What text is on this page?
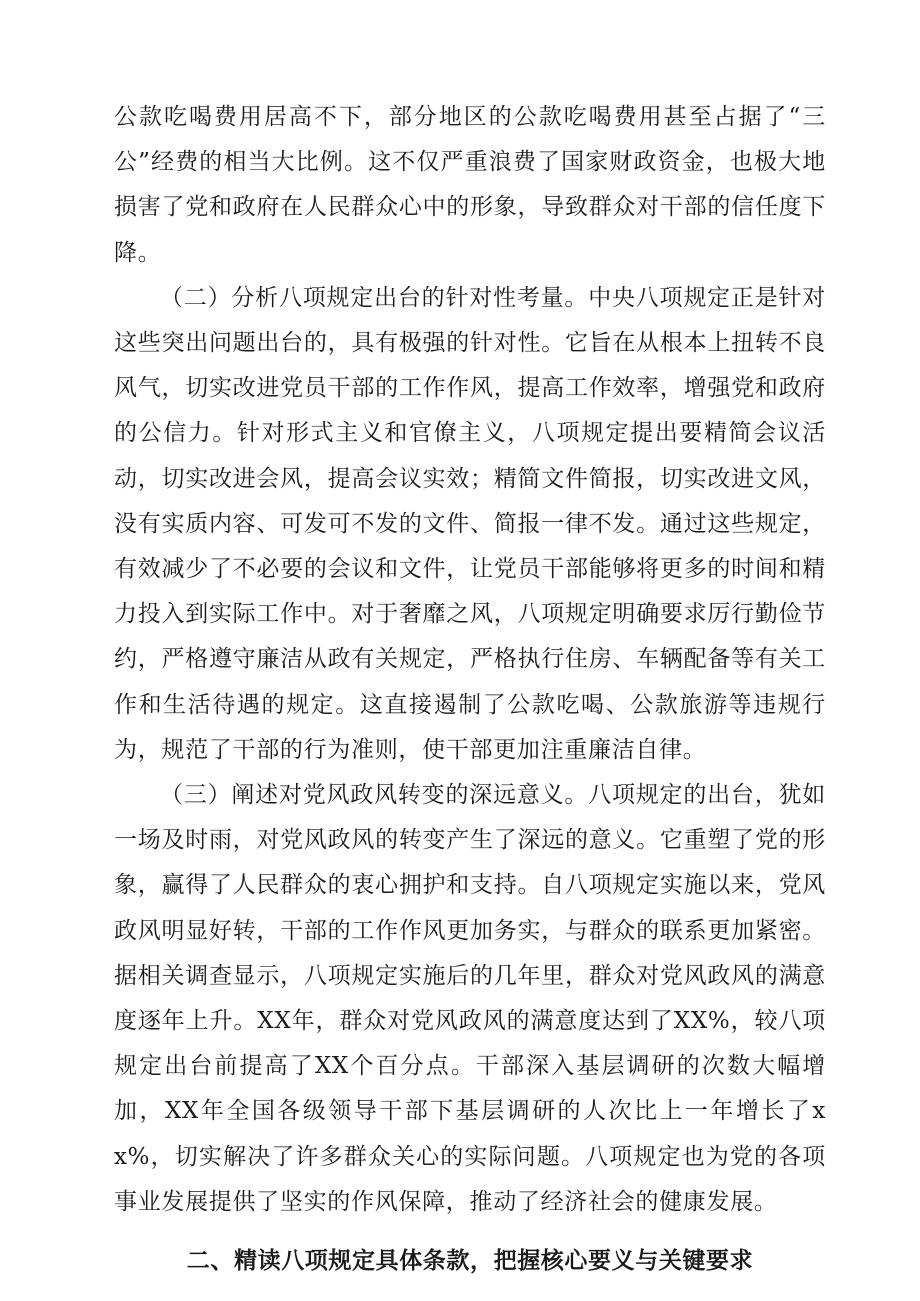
公款吃喝费用居高不下，部分地区的公款吃喝费用甚至占据了“三公”经费的相当大比例。这不仅严重浪费了国家财政资金，也极大地损害了党和政府在人民群众心中的形象，导致群众对干部的信任度下降。

（二）分析八项规定出台的针对性考量。中央八项规定正是针对这些突出问题出台的，具有极强的针对性。它旨在从根本上扭转不良风气，切实改进党员干部的工作作风，提高工作效率，增强党和政府的公信力。针对形式主义和官僚主义，八项规定提出要精简会议活动，切实改进会风，提高会议实效；精简文件简报，切实改进文风，没有实质内容、可发可不发的文件、简报一律不发。通过这些规定，有效减少了不必要的会议和文件，让党员干部能够将更多的时间和精力投入到实际工作中。对于奢靡之风，八项规定明确要求厉行勤俭节约，严格遵守廉洁从政有关规定，严格执行住房、车辆配备等有关工作和生活待遇的规定。这直接遏制了公款吃喝、公款旅游等违规行为，规范了干部的行为准则，使干部更加注重廉洁自律。

（三）阐述对党风政风转变的深远意义。八项规定的出台，犹如一场及时雨，对党风政风的转变产生了深远的意义。它重塑了党的形象，赢得了人民群众的衷心拥护和支持。自八项规定实施以来，党风政风明显好转，干部的工作作风更加务实，与群众的联系更加紧密。据相关调查显示，八项规定实施后的几年里，群众对党风政风的满意度逐年上升。XX年，群众对党风政风的满意度达到了XX%，较八项规定出台前提高了XX个百分点。干部深入基层调研的次数大幅增加，XX年全国各级领导干部下基层调研的人次比上一年增长了xx%，切实解决了许多群众关心的实际问题。八项规定也为党的各项事业发展提供了坚实的作风保障，推动了经济社会的健康发展。

二、精读八项规定具体条款，把握核心要义与关键要求
